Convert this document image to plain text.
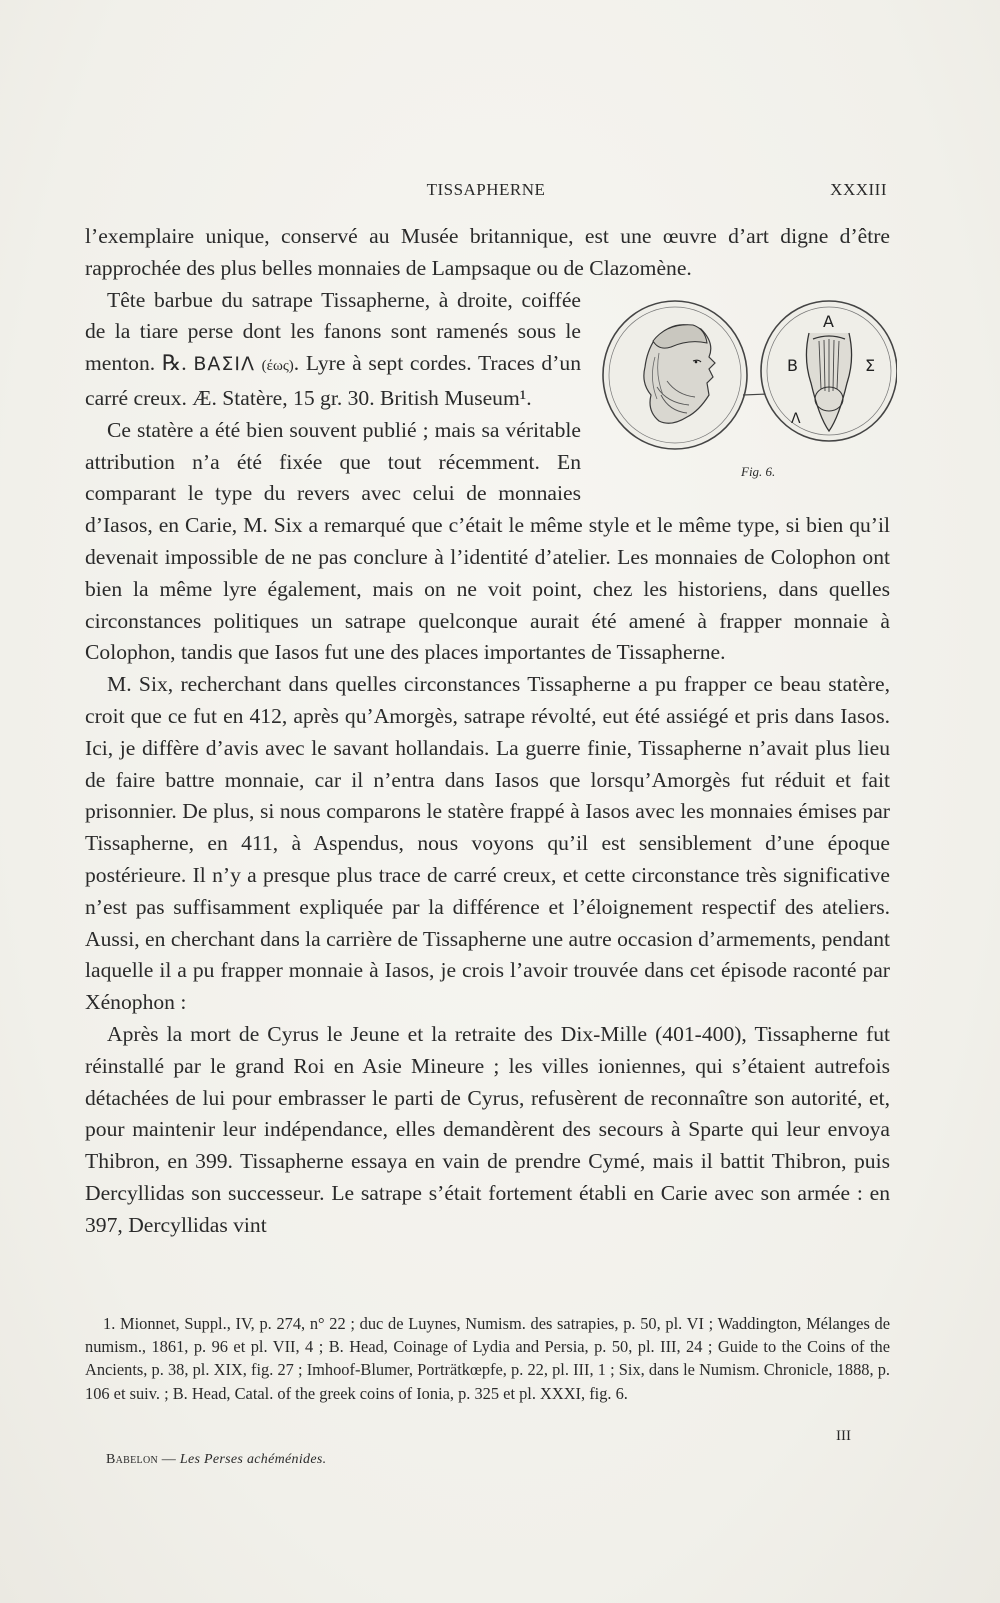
TISSAPHERNE	XXXIII

l’exemplaire unique, conservé au Musée britannique, est une œuvre d’art digne d’être rapprochée des plus belles monnaies de Lampsaque ou de Clazomène.

Α
Β	Σ
Λ
Fig. 6.
Tête barbue du satrape Tissapherne, à droite, coiffée de la tiare perse dont les fanons sont ramenés sous le menton. ℞. ΒΑΣΙΛ (έως). Lyre à sept cordes. Traces d’un carré creux. Æ. Statère, 15 gr. 30. British Museum¹.

Ce statère a été bien souvent publié ; mais sa véritable attribution n’a été fixée que tout récemment. En comparant le type du revers avec celui de monnaies d’Iasos, en Carie, M. Six a remarqué que c’était le même style et le même type, si bien qu’il devenait impossible de ne pas conclure à l’identité d’atelier. Les monnaies de Colophon ont bien la même lyre également, mais on ne voit point, chez les historiens, dans quelles circonstances politiques un satrape quelconque aurait été amené à frapper monnaie à Colophon, tandis que Iasos fut une des places importantes de Tissapherne.

M. Six, recherchant dans quelles circonstances Tissapherne a pu frapper ce beau statère, croit que ce fut en 412, après qu’Amorgès, satrape révolté, eut été assiégé et pris dans Iasos. Ici, je diffère d’avis avec le savant hollandais. La guerre finie, Tissapherne n’avait plus lieu de faire battre monnaie, car il n’entra dans Iasos que lorsqu’Amorgès fut réduit et fait prisonnier. De plus, si nous comparons le statère frappé à Iasos avec les monnaies émises par Tissapherne, en 411, à Aspendus, nous voyons qu’il est sensiblement d’une époque postérieure. Il n’y a presque plus trace de carré creux, et cette circonstance très significative n’est pas suffisamment expliquée par la différence et l’éloignement respectif des ateliers. Aussi, en cherchant dans la carrière de Tissapherne une autre occasion d’armements, pendant laquelle il a pu frapper monnaie à Iasos, je crois l’avoir trouvée dans cet épisode raconté par Xénophon :

Après la mort de Cyrus le Jeune et la retraite des Dix-Mille (401-400), Tissapherne fut réinstallé par le grand Roi en Asie Mineure ; les villes ioniennes, qui s’étaient autrefois détachées de lui pour embrasser le parti de Cyrus, refusèrent de reconnaître son autorité, et, pour maintenir leur indépendance, elles demandèrent des secours à Sparte qui leur envoya Thibron, en 399. Tissapherne essaya en vain de prendre Cymé, mais il battit Thibron, puis Dercyllidas son successeur. Le satrape s’était fortement établi en Carie avec son armée : en 397, Dercyllidas vint

1. Mionnet, Suppl., IV, p. 274, n° 22 ; duc de Luynes, Numism. des satrapies, p. 50, pl. VI ; Waddington, Mélanges de numism., 1861, p. 96 et pl. VII, 4 ; B. Head, Coinage of Lydia and Persia, p. 50, pl. III, 24 ; Guide to the Coins of the Ancients, p. 38, pl. XIX, fig. 27 ; Imhoof-Blumer, Porträtkœpfe, p. 22, pl. III, 1 ; Six, dans le Numism. Chronicle, 1888, p. 106 et suiv. ; B. Head, Catal. of the greek coins of Ionia, p. 325 et pl. XXXI, fig. 6.

Babelon — Les Perses achéménides.
III
